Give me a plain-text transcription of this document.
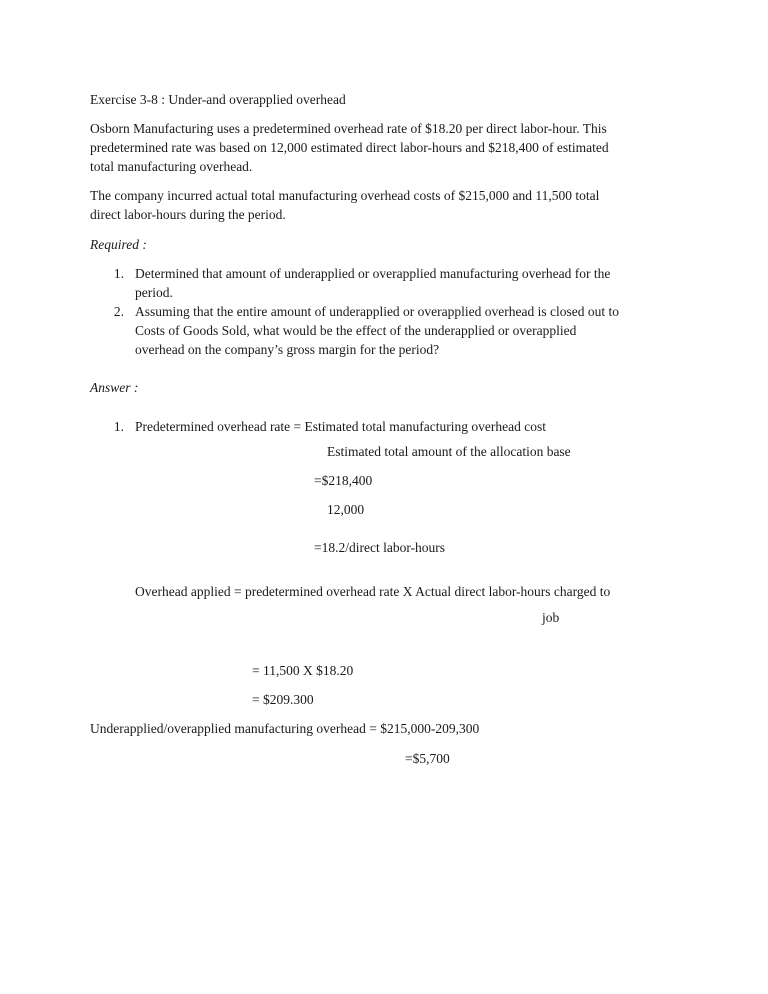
Exercise 3-8 : Under-and overapplied overhead
Osborn Manufacturing uses a predetermined overhead rate of $18.20 per direct labor-hour. This
predetermined rate was based on 12,000 estimated direct labor-hours and $218,400 of estimated
total manufacturing overhead.
The company incurred actual total manufacturing overhead costs of $215,000 and 11,500 total
direct labor-hours during the period.
Required :
1. Determined that amount of underapplied or overapplied manufacturing overhead for the
period.
2. Assuming that the entire amount of underapplied or overapplied overhead is closed out to
Costs of Goods Sold, what would be the effect of the underapplied or overapplied
overhead on the company’s gross margin for the period?
Answer :
1. Predetermined overhead rate = Estimated total manufacturing overhead cost
Estimated total amount of the allocation base
=$218,400
12,000
=18.2/direct labor-hours
Overhead applied = predetermined overhead rate X Actual direct labor-hours charged to
job
= 11,500 X $18.20
= $209.300
Underapplied/overapplied manufacturing overhead = $215,000-209,300
=$5,700
